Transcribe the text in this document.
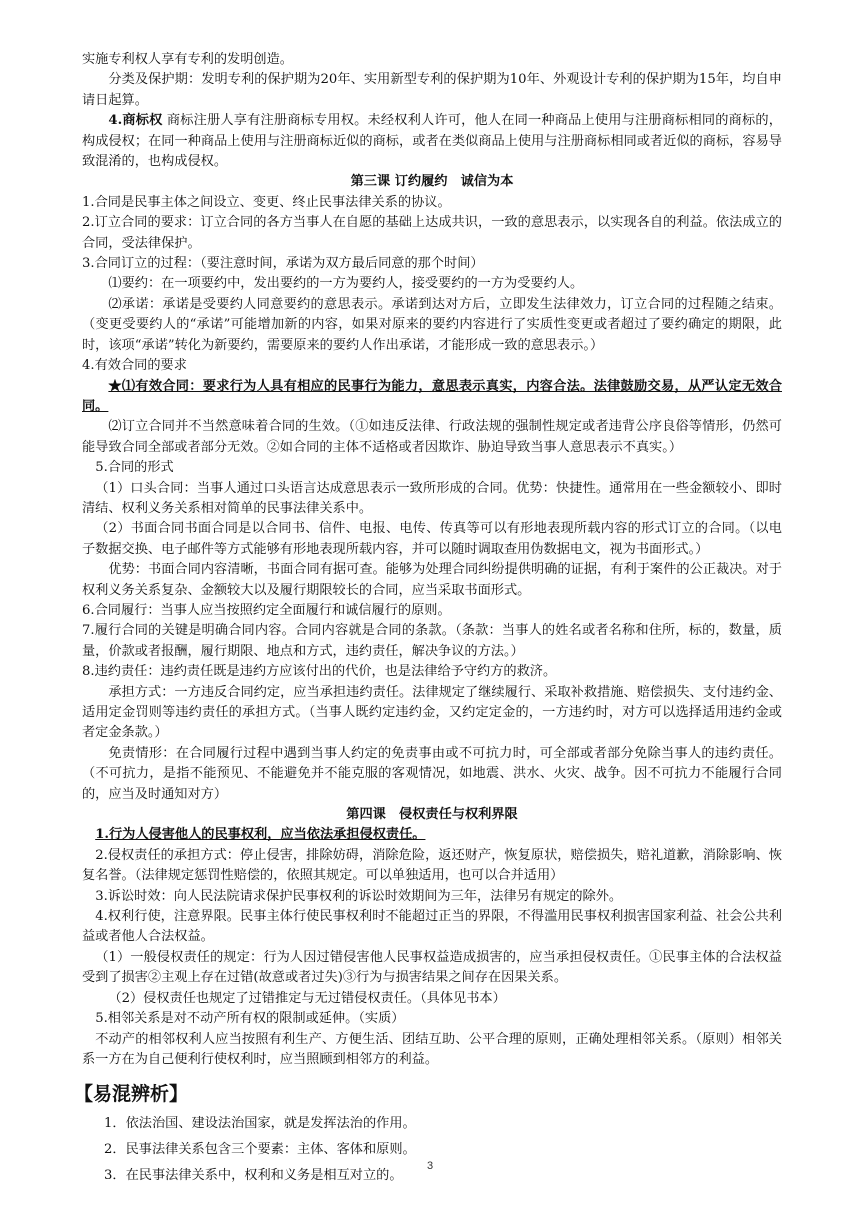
实施专利权人享有专利的发明创造。

分类及保护期：发明专利的保护期为20年、实用新型专利的保护期为10年、外观设计专利的保护期为15年，均自申请日起算。

4.商标权 商标注册人享有注册商标专用权。未经权利人许可，他人在同一种商品上使用与注册商标相同的商标的，构成侵权；在同一种商品上使用与注册商标近似的商标，或者在类似商品上使用与注册商标相同或者近似的商标，容易导致混淆的，也构成侵权。

第三课 订约履约　诚信为本

1.合同是民事主体之间设立、变更、终止民事法律关系的协议。

2.订立合同的要求：订立合同的各方当事人在自愿的基础上达成共识，一致的意思表示，以实现各自的利益。依法成立的合同，受法律保护。

3.合同订立的过程：（要注意时间，承诺为双方最后同意的那个时间）

⑴要约：在一项要约中，发出要约的一方为要约人，接受要约的一方为受要约人。

⑵承诺：承诺是受要约人同意要约的意思表示。承诺到达对方后，立即发生法律效力，订立合同的过程随之结束。（变更受要约人的“承诺”可能增加新的内容，如果对原来的要约内容进行了实质性变更或者超过了要约确定的期限，此时，该项“承诺”转化为新要约，需要原来的要约人作出承诺，才能形成一致的意思表示。）

4.有效合同的要求

★⑴有效合同：要求行为人具有相应的民事行为能力，意思表示真实，内容合法。法律鼓励交易，从严认定无效合同。

⑵订立合同并不当然意味着合同的生效。（①如违反法律、行政法规的强制性规定或者违背公序良俗等情形，仍然可能导致合同全部或者部分无效。②如合同的主体不适格或者因欺诈、胁迫导致当事人意思表示不真实。）

5.合同的形式

（1）口头合同：当事人通过口头语言达成意思表示一致所形成的合同。优势：快捷性。通常用在一些金额较小、即时清结、权利义务关系相对简单的民事法律关系中。

（2）书面合同书面合同是以合同书、信件、电报、电传、传真等可以有形地表现所载内容的形式订立的合同。（以电子数据交换、电子邮件等方式能够有形地表现所载内容，并可以随时调取查用伪数据电文，视为书面形式。）

优势：书面合同内容清晰，书面合同有据可查。能够为处理合同纠纷提供明确的证据，有利于案件的公正裁决。对于权利义务关系复杂、金额较大以及履行期限较长的合同，应当采取书面形式。

6.合同履行：当事人应当按照约定全面履行和诚信履行的原则。

7.履行合同的关键是明确合同内容。合同内容就是合同的条款。（条款：当事人的姓名或者名称和住所，标的，数量，质量，价款或者报酬，履行期限、地点和方式，违约责任，解决争议的方法。）

8.违约责任：违约责任既是违约方应该付出的代价，也是法律给予守约方的救济。

承担方式：一方违反合同约定，应当承担违约责任。法律规定了继续履行、采取补救措施、赔偿损失、支付违约金、适用定金罚则等违约责任的承担方式。（当事人既约定违约金，又约定定金的，一方违约时，对方可以选择适用违约金或者定金条款。）

免责情形：在合同履行过程中遇到当事人约定的免责事由或不可抗力时，可全部或者部分免除当事人的违约责任。（不可抗力，是指不能预见、不能避免并不能克服的客观情况，如地震、洪水、火灾、战争。因不可抗力不能履行合同的，应当及时通知对方）

第四课　侵权责任与权利界限

1.行为人侵害他人的民事权利，应当依法承担侵权责任。

2.侵权责任的承担方式：停止侵害，排除妨碍，消除危险，返还财产，恢复原状，赔偿损失，赔礼道歉，消除影响、恢复名誉。（法律规定惩罚性赔偿的，依照其规定。可以单独适用，也可以合并适用）

3.诉讼时效：向人民法院请求保护民事权利的诉讼时效期间为三年，法律另有规定的除外。

4.权利行使，注意界限。民事主体行使民事权利时不能超过正当的界限，不得滥用民事权利损害国家利益、社会公共利益或者他人合法权益。

（1）一般侵权责任的规定：行为人因过错侵害他人民事权益造成损害的，应当承担侵权责任。①民事主体的合法权益受到了损害②主观上存在过错(故意或者过失)③行为与损害结果之间存在因果关系。

（2）侵权责任也规定了过错推定与无过错侵权责任。（具体见书本）

5.相邻关系是对不动产所有权的限制或延伸。（实质）

不动产的相邻权利人应当按照有利生产、方便生活、团结互助、公平合理的原则，正确处理相邻关系。（原则）相邻关系一方在为自己便利行使权利时，应当照顾到相邻方的利益。

【易混辨析】
1．依法治国、建设法治国家，就是发挥法治的作用。
2．民事法律关系包含三个要素：主体、客体和原则。
3．在民事法律关系中，权利和义务是相互对立的。
3
